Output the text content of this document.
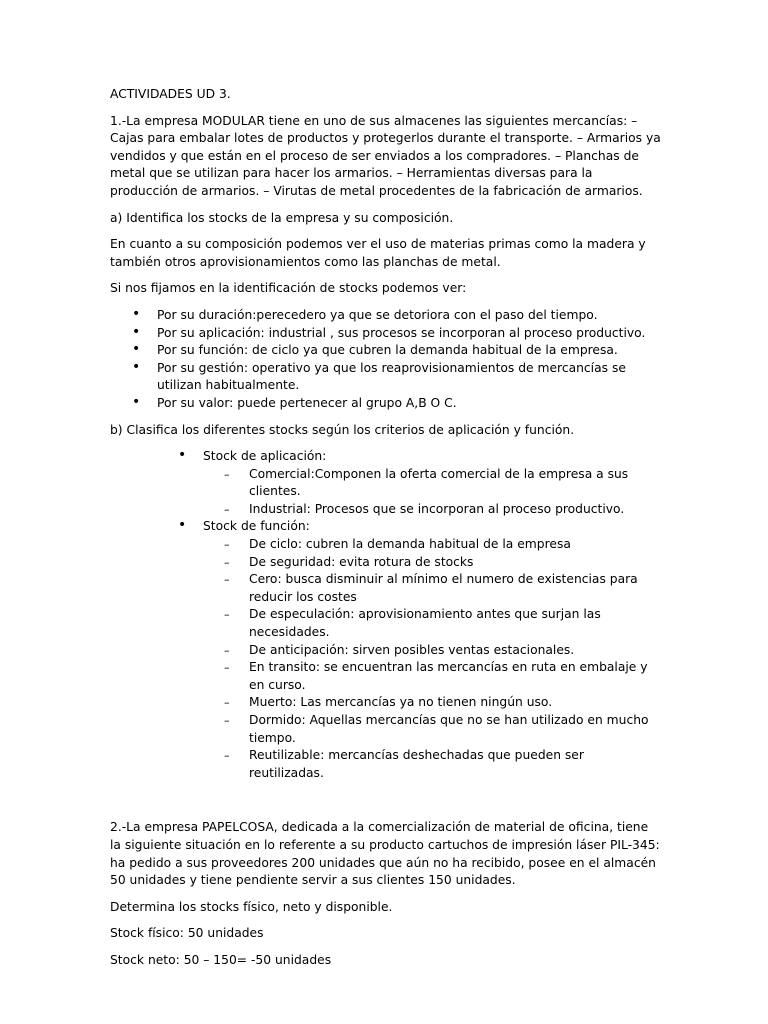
ACTIVIDADES UD 3.

1.-La empresa MODULAR tiene en uno de sus almacenes las siguientes mercancías: – Cajas para embalar lotes de productos y protegerlos durante el transporte. – Armarios ya vendidos y que están en el proceso de ser enviados a los compradores. – Planchas de metal que se utilizan para hacer los armarios. – Herramientas diversas para la producción de armarios. – Virutas de metal procedentes de la fabricación de armarios.

a) Identifica los stocks de la empresa y su composición.

En cuanto a su composición podemos ver el uso de materias primas como la madera y también otros aprovisionamientos como las planchas de metal.

Si nos fijamos en la identificación de stocks podemos ver:

• Por su duración:perecedero ya que se detoriora con el paso del tiempo.
• Por su aplicación: industrial , sus procesos se incorporan al proceso productivo.
• Por su función: de ciclo ya que cubren la demanda habitual de la empresa.
• Por su gestión: operativo ya que los reaprovisionamientos de mercancías se utilizan habitualmente.
• Por su valor: puede pertenecer al grupo A,B O C.

b) Clasifica los diferentes stocks según los criterios de aplicación y función.

• Stock de aplicación:
– Comercial:Componen la oferta comercial de la empresa a sus clientes.
– Industrial: Procesos que se incorporan al proceso productivo.
• Stock de función:
– De ciclo: cubren la demanda habitual de la empresa
– De seguridad: evita rotura de stocks
– Cero: busca disminuir al mínimo el numero de existencias para reducir los costes
– De especulación: aprovisionamiento antes que surjan las necesidades.
– De anticipación: sirven posibles ventas estacionales.
– En transito: se encuentran las mercancías en ruta en embalaje y en curso.
– Muerto: Las mercancías ya no tienen ningún uso.
– Dormido: Aquellas mercancías que no se han utilizado en mucho tiempo.
– Reutilizable: mercancías deshechadas que pueden ser reutilizadas.

2.-La empresa PAPELCOSA, dedicada a la comercialización de material de oficina, tiene la siguiente situación en lo referente a su producto cartuchos de impresión láser PIL-345: ha pedido a sus proveedores 200 unidades que aún no ha recibido, posee en el almacén 50 unidades y tiene pendiente servir a sus clientes 150 unidades.

Determina los stocks físico, neto y disponible.

Stock físico: 50 unidades

Stock neto: 50 – 150= -50 unidades
